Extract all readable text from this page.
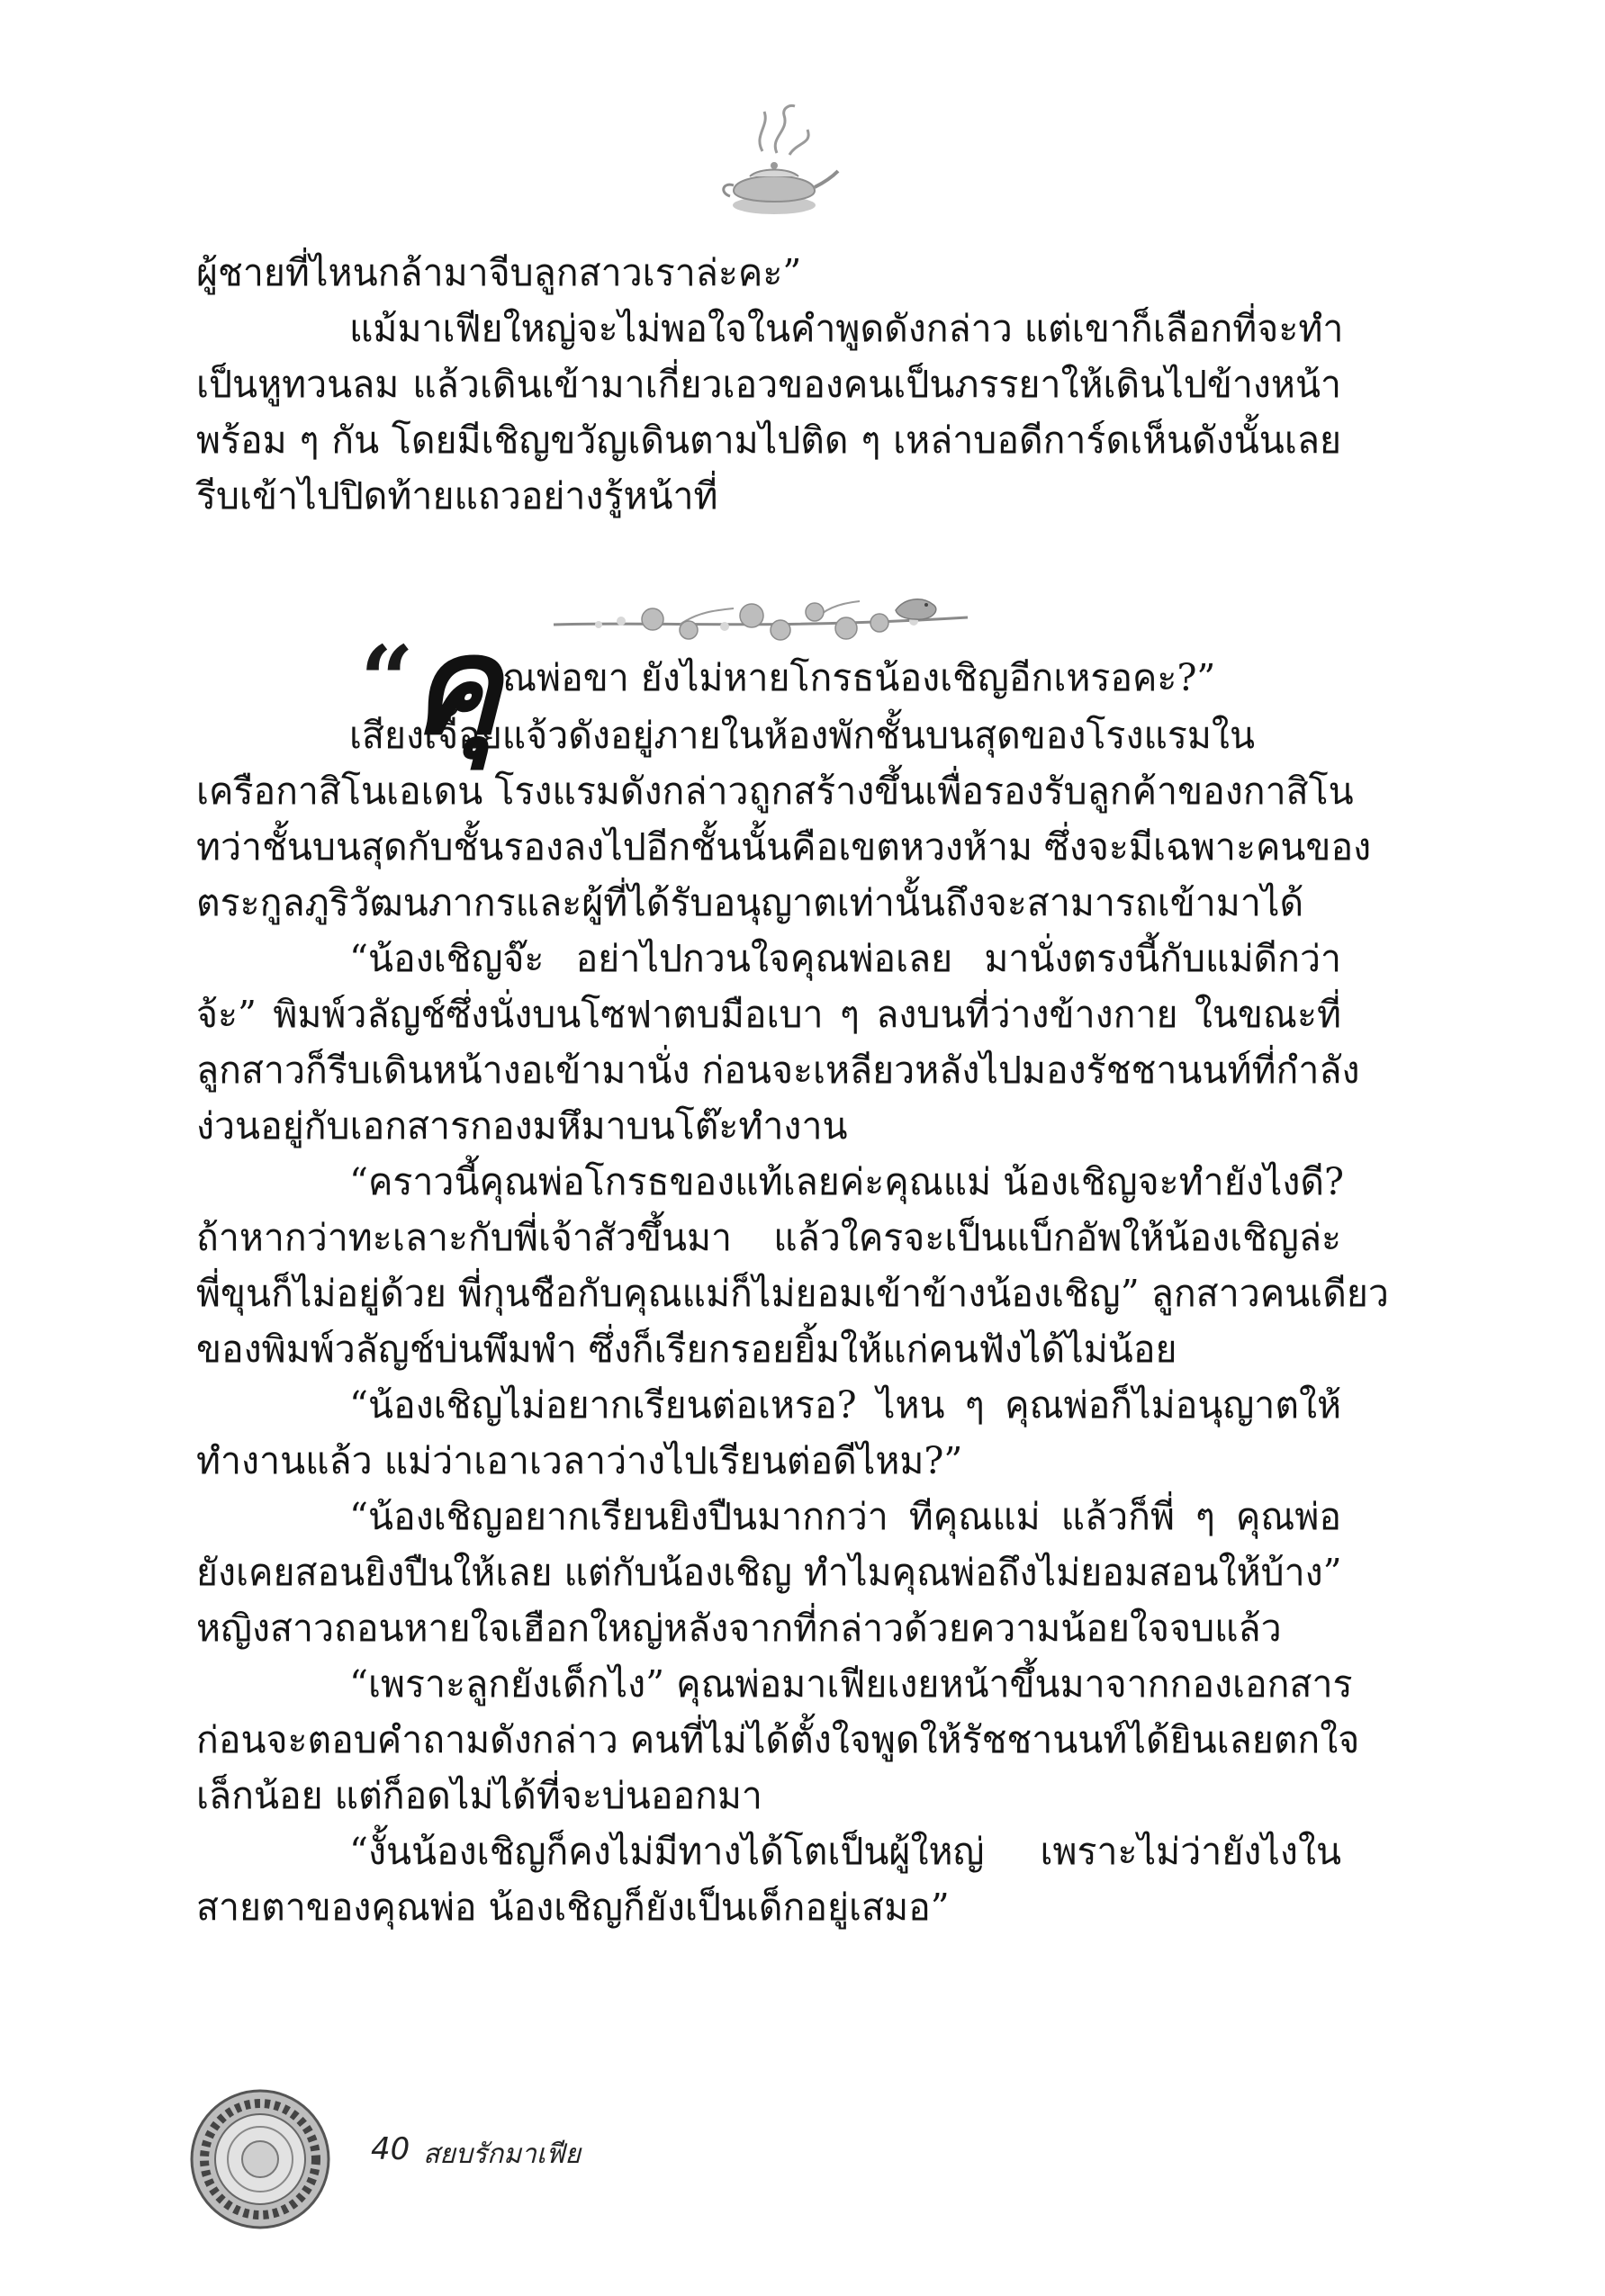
ผู้ชายที่ไหนกล้ามาจีบลูกสาวเราล่ะคะ”
แม้มาเฟียใหญ่จะไม่พอใจในคำพูดดังกล่าว แต่เขาก็เลือกที่จะทำ
เป็นหูทวนลม แล้วเดินเข้ามาเกี่ยวเอวของคนเป็นภรรยาให้เดินไปข้างหน้า
พร้อม ๆ กัน โดยมีเชิญขวัญเดินตามไปติด ๆ เหล่าบอดีการ์ดเห็นดังนั้นเลย
รีบเข้าไปปิดท้ายแถวอย่างรู้หน้าที่
“
คุ ณพ่อขา ยังไม่หายโกรธน้องเชิญอีกเหรอคะ?”
เสียงเจื้อยแจ้วดังอยู่ภายในห้องพักชั้นบนสุดของโรงแรมใน
เครือกาสิโนเอเดน โรงแรมดังกล่าวถูกสร้างขึ้นเพื่อรองรับลูกค้าของกาสิโน
ทว่าชั้นบนสุดกับชั้นรองลงไปอีกชั้นนั้นคือเขตหวงห้าม ซึ่งจะมีเฉพาะคนของ
ตระกูลภูริวัฒนภากรและผู้ที่ได้รับอนุญาตเท่านั้นถึงจะสามารถเข้ามาได้
“น้องเชิญจ๊ะ อย่าไปกวนใจคุณพ่อเลย มานั่งตรงนี้กับแม่ดีกว่า
จ้ะ” พิมพ์วลัญช์ซึ่งนั่งบนโซฟาตบมือเบา ๆ ลงบนที่ว่างข้างกาย ในขณะที่
ลูกสาวก็รีบเดินหน้างอเข้ามานั่ง ก่อนจะเหลียวหลังไปมองรัชชานนท์ที่กำลัง
ง่วนอยู่กับเอกสารกองมหึมาบนโต๊ะทำงาน
“คราวนี้คุณพ่อโกรธของแท้เลยค่ะคุณแม่ น้องเชิญจะทำยังไงดี?
ถ้าหากว่าทะเลาะกับพี่เจ้าสัวขึ้นมา แล้วใครจะเป็นแบ็กอัพให้น้องเชิญล่ะ
พี่ขุนก็ไม่อยู่ด้วย พี่กุนชือกับคุณแม่ก็ไม่ยอมเข้าข้างน้องเชิญ” ลูกสาวคนเดียว
ของพิมพ์วลัญช์บ่นพึมพำ ซึ่งก็เรียกรอยยิ้มให้แก่คนฟังได้ไม่น้อย
“น้องเชิญไม่อยากเรียนต่อเหรอ? ไหน ๆ คุณพ่อก็ไม่อนุญาตให้
ทำงานแล้ว แม่ว่าเอาเวลาว่างไปเรียนต่อดีไหม?”
“น้องเชิญอยากเรียนยิงปืนมากกว่า ทีคุณแม่ แล้วก็พี่ ๆ คุณพ่อ
ยังเคยสอนยิงปืนให้เลย แต่กับน้องเชิญ ทำไมคุณพ่อถึงไม่ยอมสอนให้บ้าง”
หญิงสาวถอนหายใจเฮือกใหญ่หลังจากที่กล่าวด้วยความน้อยใจจบแล้ว
“เพราะลูกยังเด็กไง” คุณพ่อมาเฟียเงยหน้าขึ้นมาจากกองเอกสาร
ก่อนจะตอบคำถามดังกล่าว คนที่ไม่ได้ตั้งใจพูดให้รัชชานนท์ได้ยินเลยตกใจ
เล็กน้อย แต่ก็อดไม่ได้ที่จะบ่นออกมา
“งั้นน้องเชิญก็คงไม่มีทางได้โตเป็นผู้ใหญ่ เพราะไม่ว่ายังไงใน
สายตาของคุณพ่อ น้องเชิญก็ยังเป็นเด็กอยู่เสมอ”
40 สยบรักมาเฟีย
